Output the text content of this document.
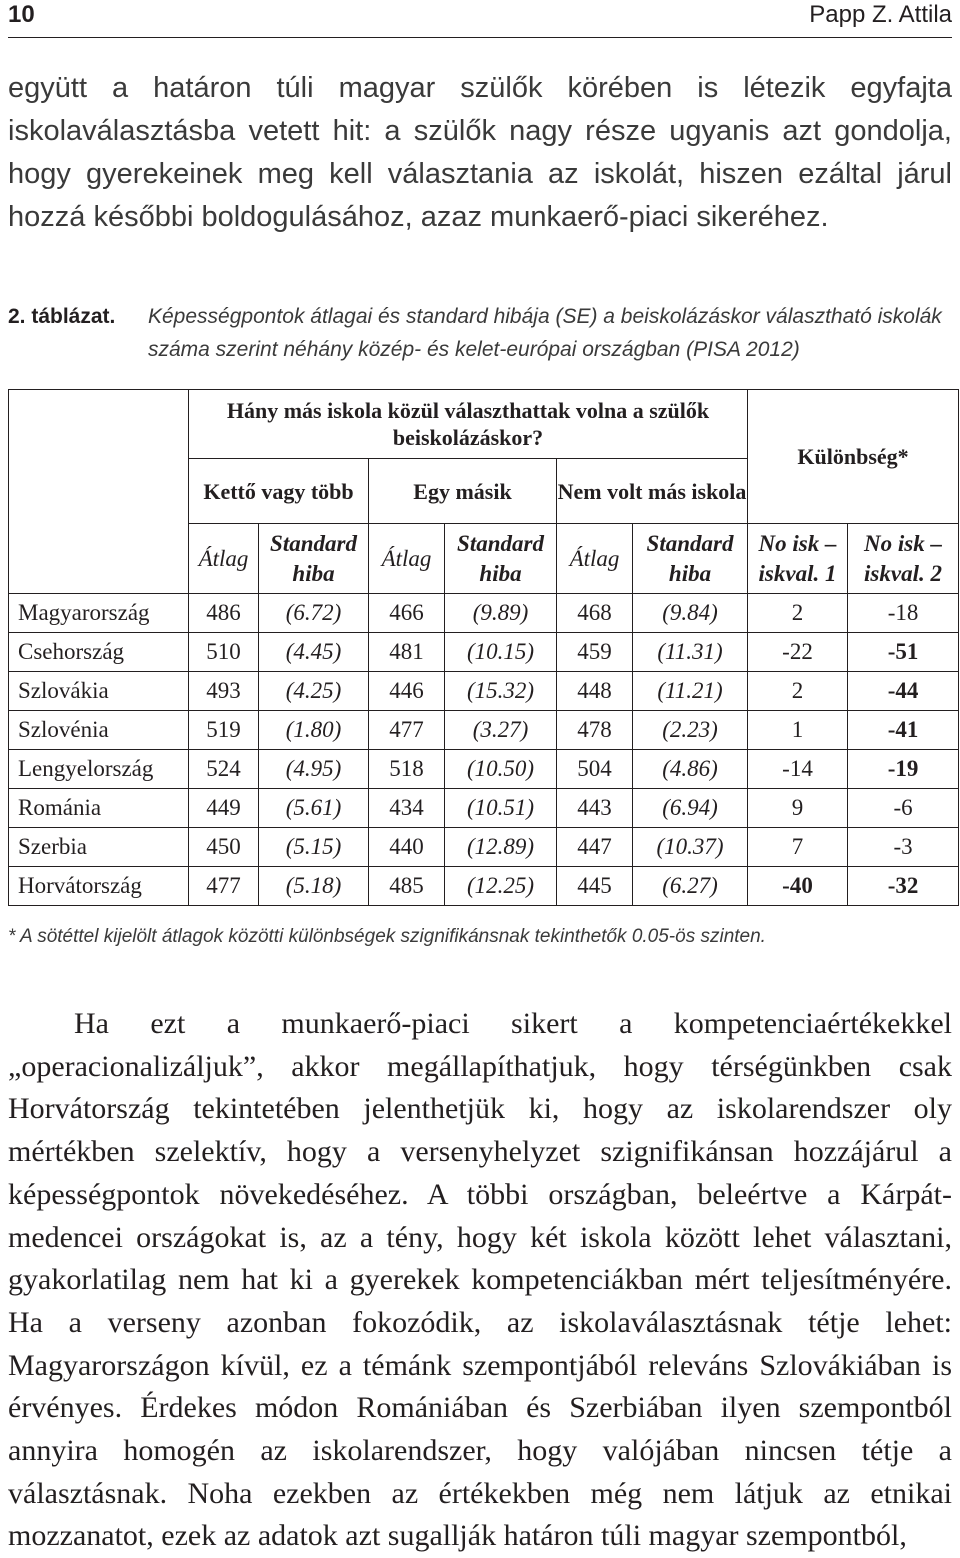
10	Papp Z. Attila

együtt a határon túli magyar szülők körében is létezik egyfajta iskolaválasztásba vetett hit: a szülők nagy része ugyanis azt gondolja, hogy gyerekeinek meg kell választania az iskolát, hiszen ezáltal járul hozzá későbbi boldogulásához, azaz munkaerő-piaci sikeréhez.

2. táblázat. Képességpontok átlagai és standard hibája (SE) a beiskolázáskor választható iskolák száma szerint néhány közép- és kelet-európai országban (PISA 2012)
	Hány más iskola közül választhattak volna a szülők beiskolázáskor?						Különbség*	
	Kettő vagy több		Egy másik		Nem volt más iskola			
	Átlag	Standard hiba	Átlag	Standard hiba	Átlag	Standard hiba	No isk – iskval. 1	No isk – iskval. 2
Magyarország	486	(6.72)	466	(9.89)	468	(9.84)	2	-18
Csehország	510	(4.45)	481	(10.15)	459	(11.31)	-22	-51
Szlovákia	493	(4.25)	446	(15.32)	448	(11.21)	2	-44
Szlovénia	519	(1.80)	477	(3.27)	478	(2.23)	1	-41
Lengyelország	524	(4.95)	518	(10.50)	504	(4.86)	-14	-19
Románia	449	(5.61)	434	(10.51)	443	(6.94)	9	-6
Szerbia	450	(5.15)	440	(12.89)	447	(10.37)	7	-3
Horvátország	477	(5.18)	485	(12.25)	445	(6.27)	-40	-32
* A sötéttel kijelölt átlagok közötti különbségek szignifikánsnak tekinthetők 0.05-ös szinten.

Ha ezt a munkaerő-piaci sikert a kompetenciaértékekkel „operacionalizáljuk”, akkor megállapíthatjuk, hogy térségünkben csak Horvátország tekintetében jelenthetjük ki, hogy az iskolarendszer oly mértékben szelektív, hogy a versenyhelyzet szignifikánsan hozzájárul a képességpontok növekedéséhez. A többi országban, beleértve a Kárpát-medencei országokat is, az a tény, hogy két iskola között lehet választani, gyakorlatilag nem hat ki a gyerekek kompetenciákban mért teljesítményére. Ha a verseny azonban fokozódik, az iskolaválasztásnak tétje lehet: Magyarországon kívül, ez a témánk szempontjából releváns Szlovákiában is érvényes. Érdekes módon Romániában és Szerbiában ilyen szempontból annyira homogén az iskolarendszer, hogy valójában nincsen tétje a választásnak. Noha ezekben az értékekben még nem látjuk az etnikai mozzanatot, ezek az adatok azt sugallják határon túli magyar szempontból,
